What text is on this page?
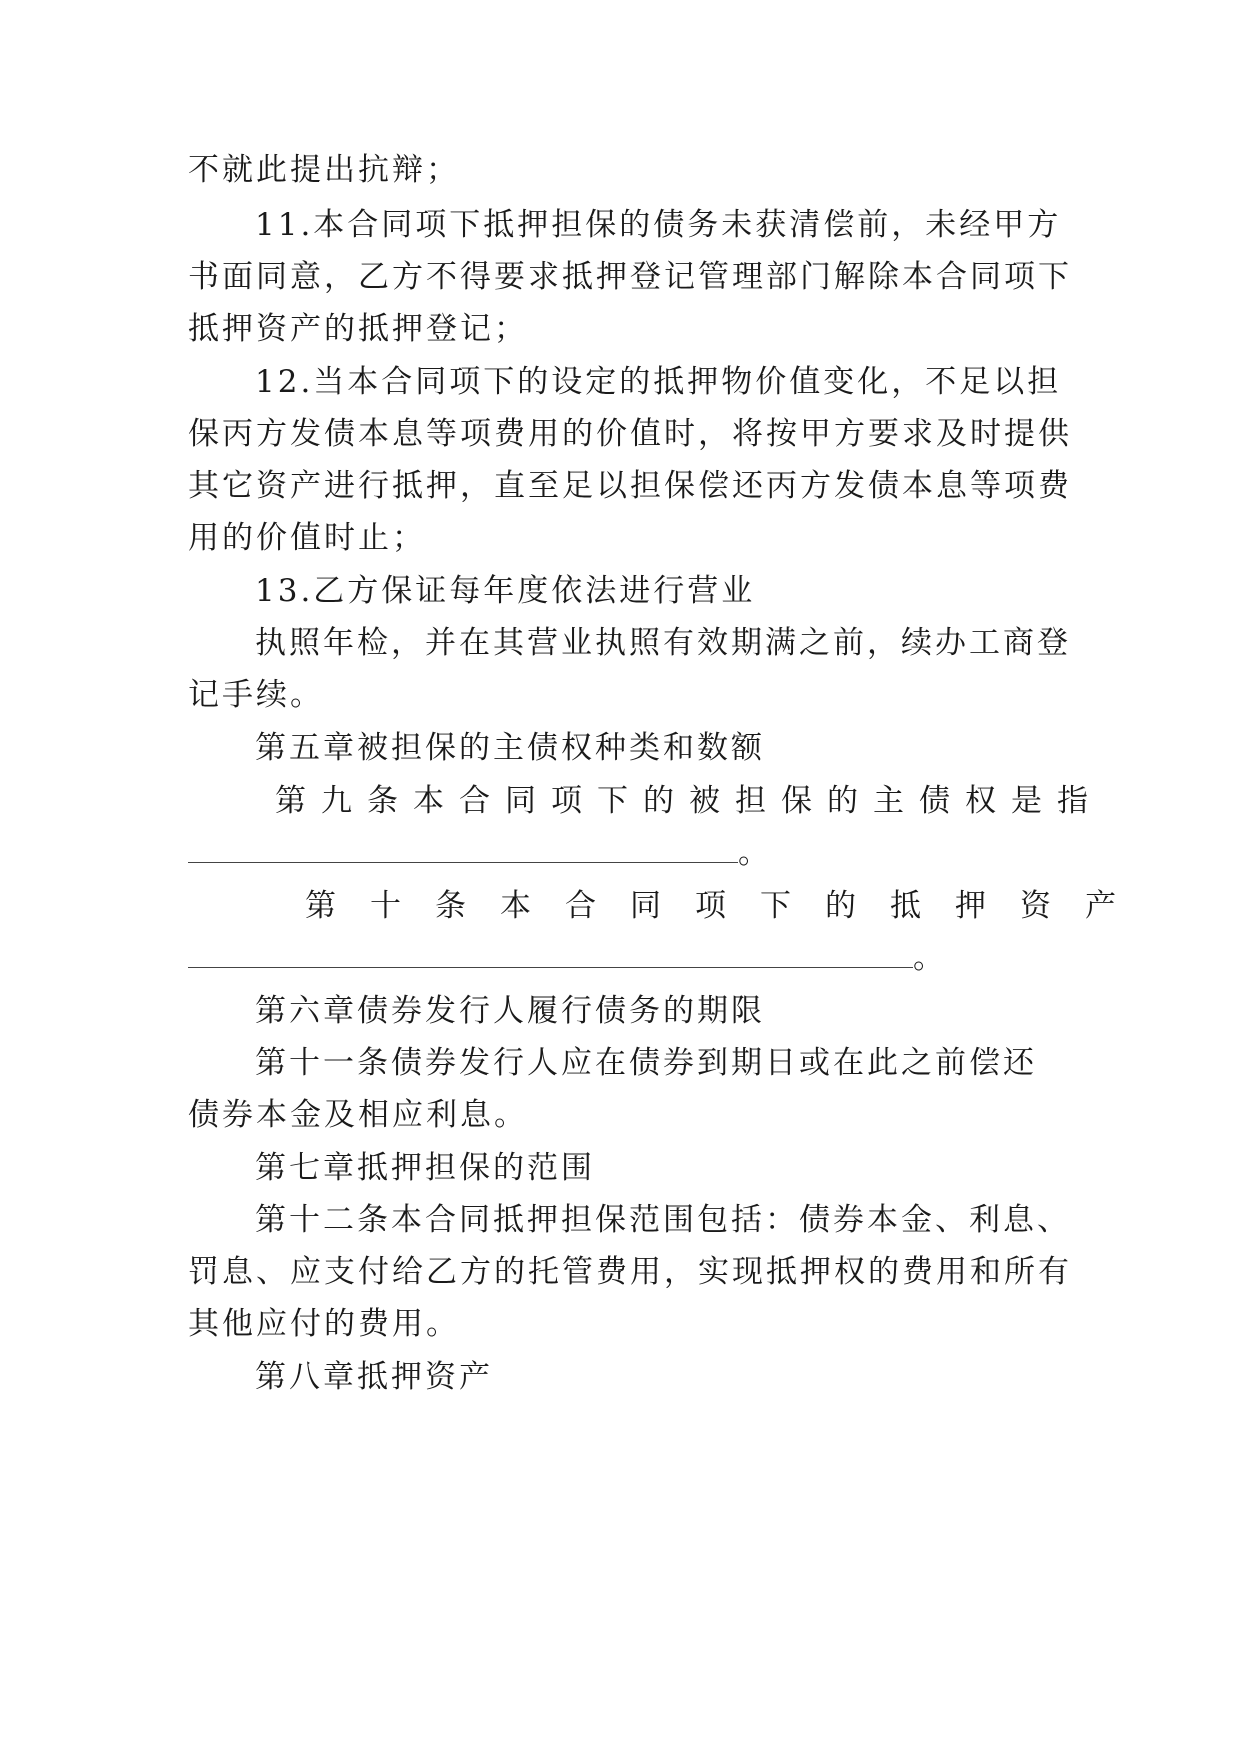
不就此提出抗辩；
11.本合同项下抵押担保的债务未获清偿前，未经甲方
书面同意，乙方不得要求抵押登记管理部门解除本合同项下
抵押资产的抵押登记；
12.当本合同项下的设定的抵押物价值变化，不足以担
保丙方发债本息等项费用的价值时，将按甲方要求及时提供
其它资产进行抵押，直至足以担保偿还丙方发债本息等项费
用的价值时止；
13.乙方保证每年度依法进行营业
执照年检，并在其营业执照有效期满之前，续办工商登
记手续。
第五章被担保的主债权种类和数额
第九条本合同项下的被担保的主债权是指
。
第十条本合同项下的抵押资产
。
第六章债券发行人履行债务的期限
第十一条债券发行人应在债券到期日或在此之前偿还
债券本金及相应利息。
第七章抵押担保的范围
第十二条本合同抵押担保范围包括：债券本金、利息、
罚息、应支付给乙方的托管费用，实现抵押权的费用和所有
其他应付的费用。
第八章抵押资产
